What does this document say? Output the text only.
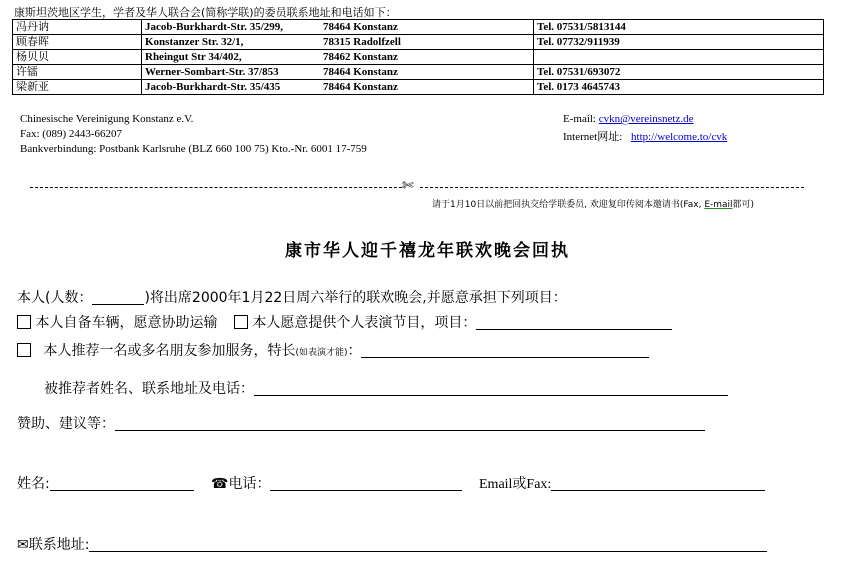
康斯坦茨地区学生，学者及华人联合会(简称学联)的委员联系地址和电话如下：
冯丹讷	Jacob-Burkhardt-Str. 35/299, 78464 Konstanz	Tel. 07531/5813144
顾春晖	Konstanzer Str. 32/1, 78315 Radolfzell	Tel. 07732/911939
杨贝贝	Rheingut Str 34/402, 78462 Konstanz	
许镭	Werner-Sombart-Str. 37/853 78464 Konstanz	Tel. 07531/693072
梁新亚	Jacob-Burkhardt-Str. 35/435 78464 Konstanz	Tel. 0173 4645743
Chinesische Vereinigung Konstanz e.V.
Fax: (089) 2443-66207
Bankverbindung: Postbank Karlsruhe (BLZ 660 100 75) Kto.-Nr. 6001 17-759
E-mail: cvkn@vereinsnetz.de
Internet网址: http://welcome.to/cvk
✄
请于1月10日以前把回执交给学联委员, 欢迎复印传阅本邀请书(Fax, E-mail都可)
康市华人迎千禧龙年联欢晚会回执
本人(人数：	)将出席2000年1月22日周六举行的联欢晚会,并愿意承担下列项目：
本人自备车辆，愿意协助运输 本人愿意提供个人表演节目，项目：
本人推荐一名或多名朋友参加服务，特长(如表演才能)：
被推荐者姓名、联系地址及电话：
赞助、建议等：
姓名:	☎电话：	Email或Fax:
✉联系地址:
